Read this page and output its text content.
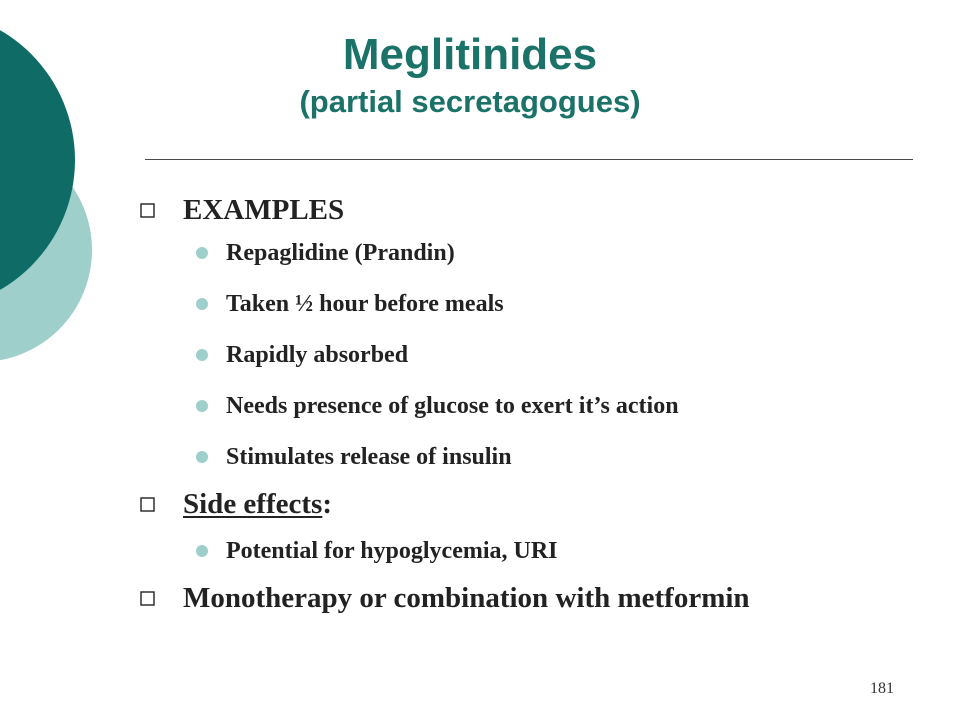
Meglitinides
(partial secretagogues)
EXAMPLES
Repaglidine (Prandin)
Taken ½ hour before meals
Rapidly absorbed
Needs presence of glucose to exert it’s action
Stimulates release of insulin
Side effects:
Potential for hypoglycemia, URI
Monotherapy or combination with metformin
181
